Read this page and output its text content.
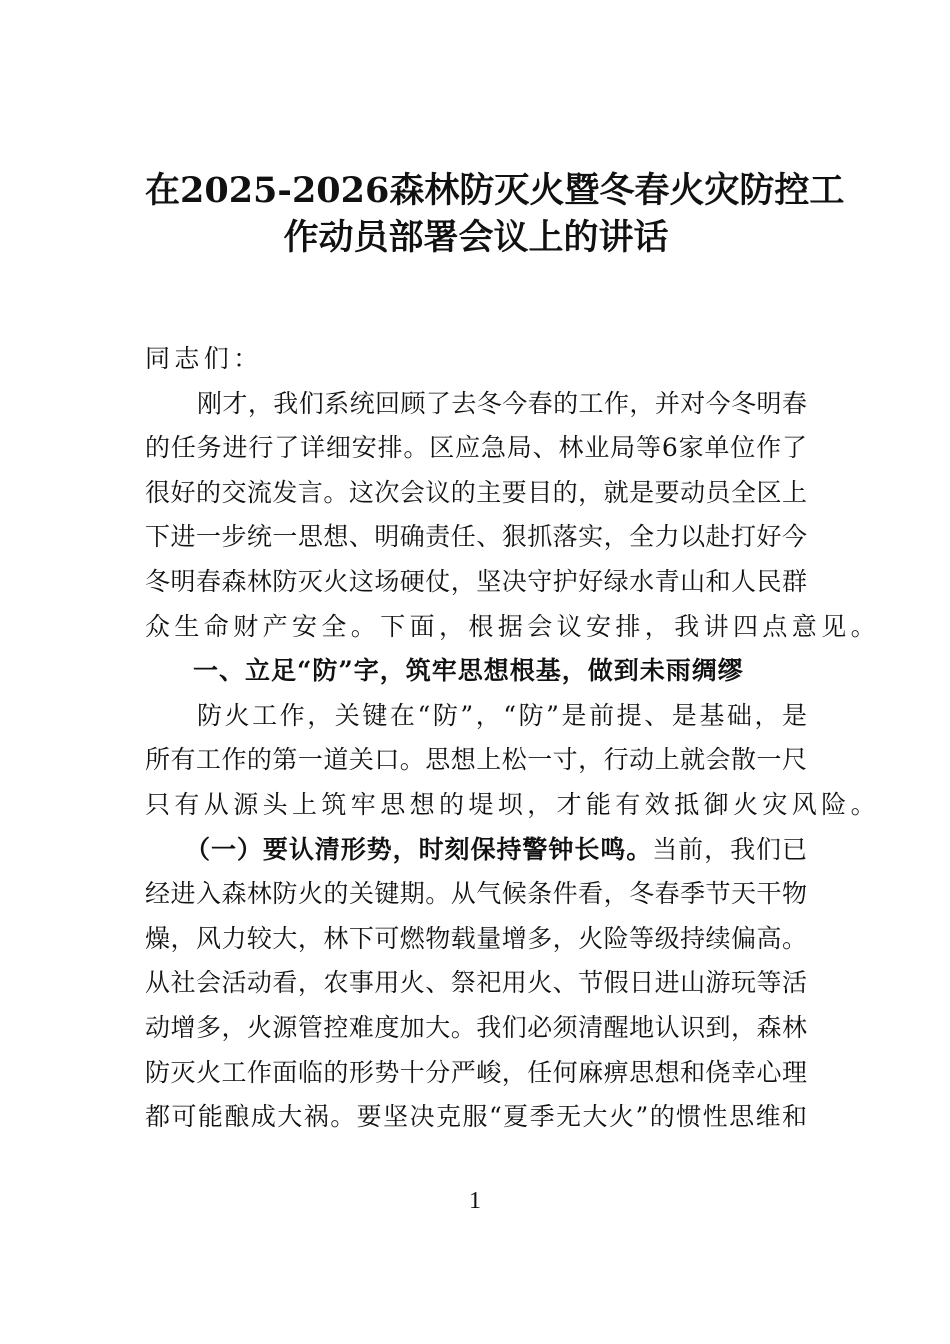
在2025-2026森林防灭火暨冬春火灾防控工
作动员部署会议上的讲话
同志们：
刚才，我们系统回顾了去冬今春的工作，并对今冬明春
的任务进行了详细安排。区应急局、林业局等6家单位作了
很好的交流发言。这次会议的主要目的，就是要动员全区上
下进一步统一思想、明确责任、狠抓落实，全力以赴打好今
冬明春森林防灭火这场硬仗，坚决守护好绿水青山和人民群
众生命财产安全。下面，根据会议安排，我讲四点意见。
一、立足“防”字，筑牢思想根基，做到未雨绸缪
防火工作，关键在“防”，“防”是前提、是基础，是
所有工作的第一道关口。思想上松一寸，行动上就会散一尺
只有从源头上筑牢思想的堤坝，才能有效抵御火灾风险。
（一）要认清形势，时刻保持警钟长鸣。当前，我们已
经进入森林防火的关键期。从气候条件看，冬春季节天干物
燥，风力较大，林下可燃物载量增多，火险等级持续偏高。
从社会活动看，农事用火、祭祀用火、节假日进山游玩等活
动增多，火源管控难度加大。我们必须清醒地认识到，森林
防灭火工作面临的形势十分严峻，任何麻痹思想和侥幸心理
都可能酿成大祸。要坚决克服“夏季无大火”的惯性思维和
1
